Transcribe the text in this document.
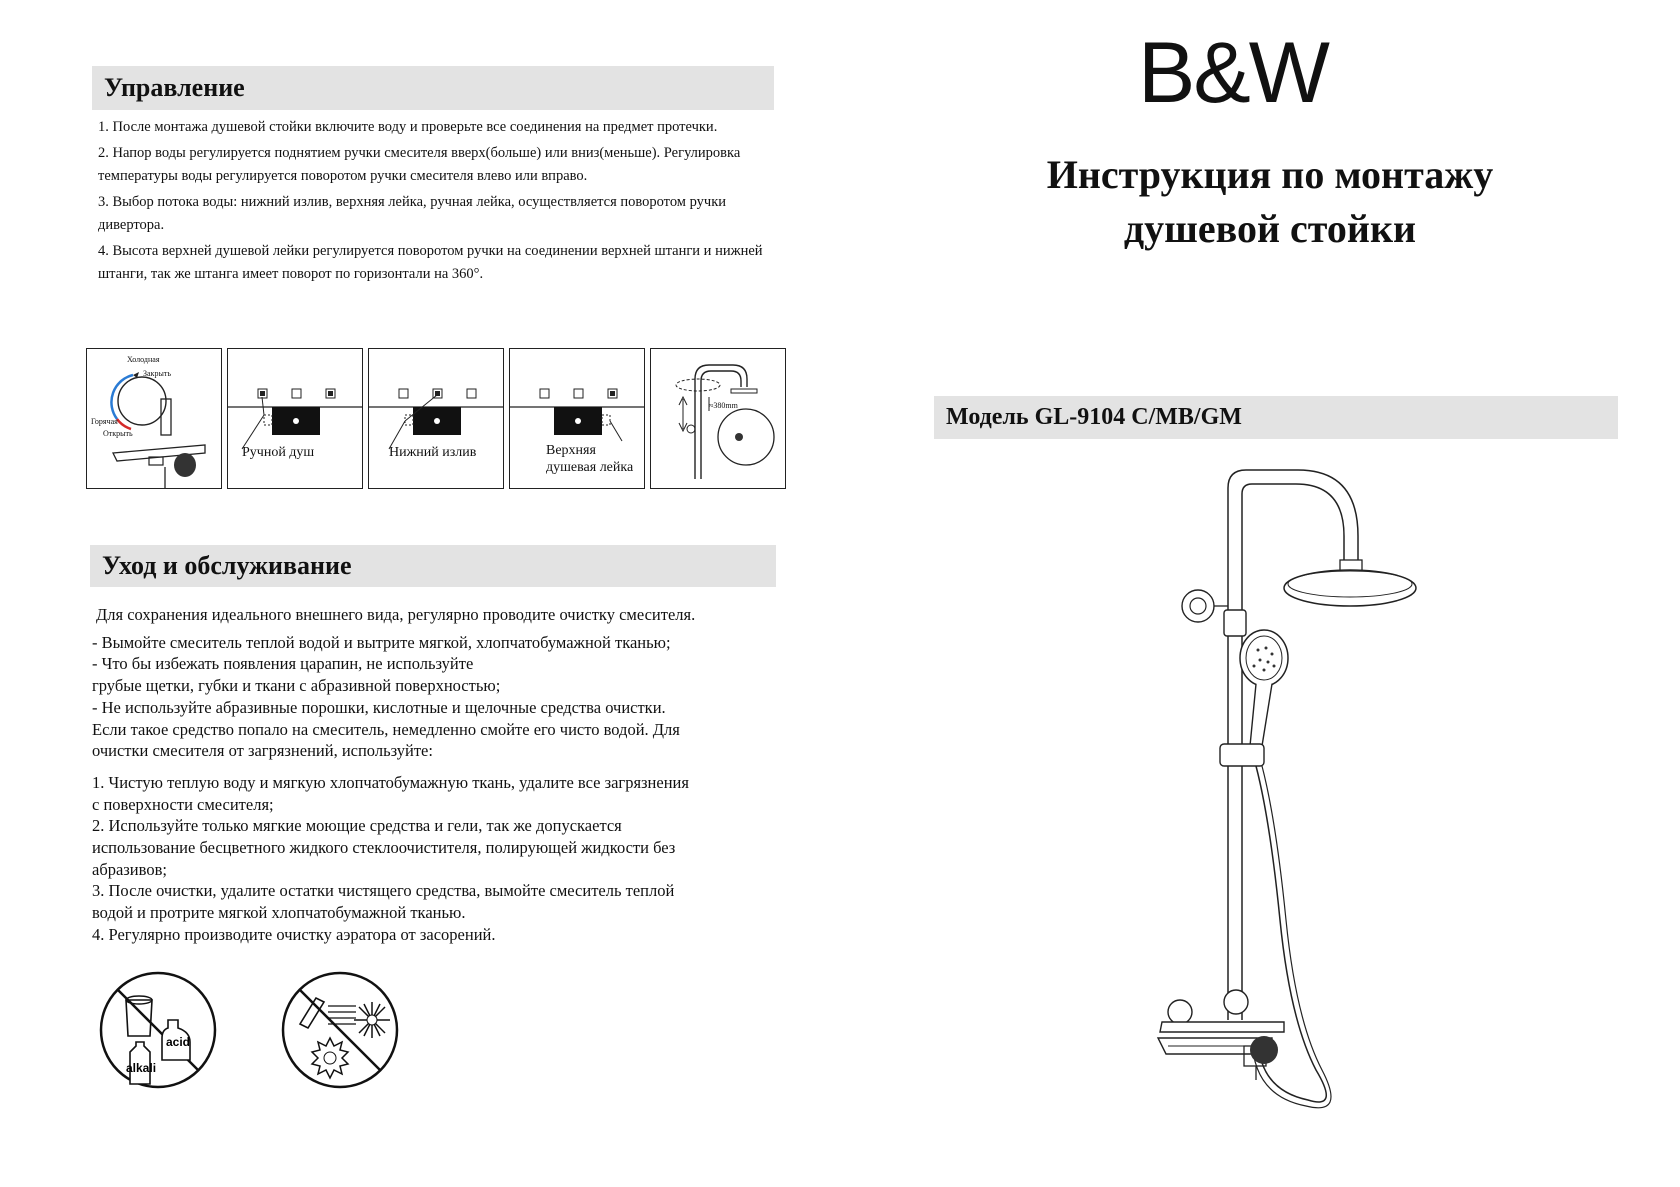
Управление

1. После монтажа душевой стойки включите воду и проверьте все соединения на предмет протечки.

2. Напор воды регулируется поднятием ручки смесителя вверх(больше) или вниз(меньше). Регулировка температуры воды регулируется поворотом ручки смесителя влево или вправо.

3. Выбор потока воды: нижний излив, верхняя лейка, ручная лейка, осуществляется поворотом ручки дивертора.

4. Высота верхней душевой лейки регулируется поворотом ручки на соединении верхней штанги и нижней штанги, так же штанга имеет поворот по горизонтали на 360°.

Холодная
Закрыть
Горячая
Открыть
Ручной душ	Нижний излив	Верхняя
душевая лейка
≈380mm
Уход и обслуживание

Для сохранения идеального внешнего вида, регулярно проводите очистку смесителя.

- Вымойте смеситель теплой водой и вытрите мягкой, хлопчатобумажной тканью;

- Что бы избежать появления царапин, не используйте

грубые щетки, губки и ткани с абразивной поверхностью;

- Не используйте абразивные порошки, кислотные и щелочные средства очистки.

Если такое средство попало на смеситель, немедленно смойте его чисто водой. Для

очистки смесителя от загрязнений, используйте:

1. Чистую теплую воду и мягкую хлопчатобумажную ткань, удалите все загрязнения

с поверхности смесителя;

2. Используйте только мягкие моющие средства и гели, так же допускается

использование бесцветного жидкого стеклоочистителя, полирующей жидкости без

абразивов;

3. После очистки, удалите остатки чистящего средства, вымойте смеситель теплой

водой и протрите мягкой хлопчатобумажной тканью.

4. Регулярно производите очистку аэратора от засорений.

acid
alkali
B&W
Инструкция по монтажу
душевой стойки
Модель GL-9104 C/MB/GM
